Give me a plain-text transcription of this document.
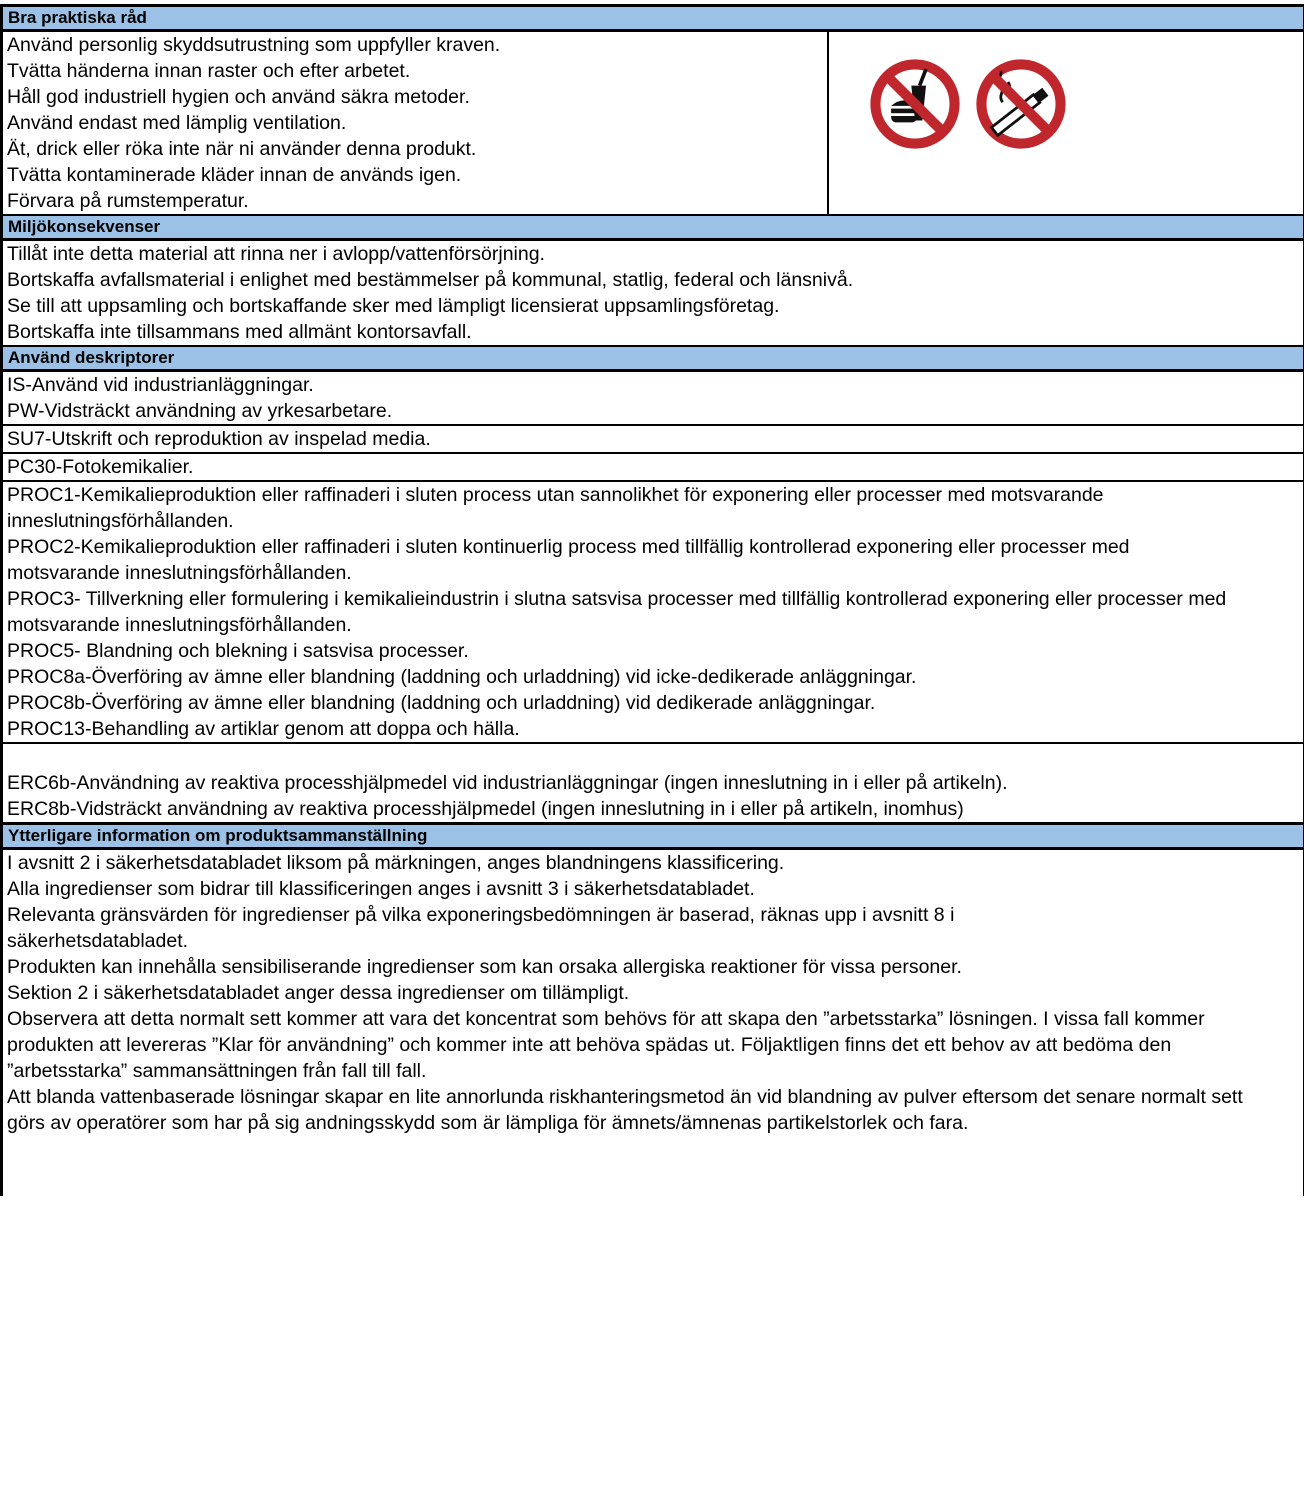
Bra praktiska råd
Använd personlig skyddsutrustning som uppfyller kraven.
Tvätta händerna innan raster och efter arbetet.
Håll god industriell hygien och använd säkra metoder.
Använd endast med lämplig ventilation.
Ät, drick eller röka inte när ni använder denna produkt.
Tvätta kontaminerade kläder innan de används igen.
Förvara på rumstemperatur.
Miljökonsekvenser
Tillåt inte detta material att rinna ner i avlopp/vattenförsörjning.
Bortskaffa avfallsmaterial i enlighet med bestämmelser på kommunal, statlig, federal och länsnivå.
Se till att uppsamling och bortskaffande sker med lämpligt licensierat uppsamlingsföretag.
Bortskaffa inte tillsammans med allmänt kontorsavfall.
Använd deskriptorer
IS-Använd vid industrianläggningar.
PW-Vidsträckt användning av yrkesarbetare.
SU7-Utskrift och reproduktion av inspelad media.
PC30-Fotokemikalier.
PROC1-Kemikalieproduktion eller raffinaderi i sluten process utan sannolikhet för exponering eller processer med motsvarande inneslutningsförhållanden.
PROC2-Kemikalieproduktion eller raffinaderi i sluten kontinuerlig process med tillfällig kontrollerad exponering eller processer med motsvarande inneslutningsförhållanden.
PROC3- Tillverkning eller formulering i kemikalieindustrin i slutna satsvisa processer med tillfällig kontrollerad exponering eller processer med motsvarande inneslutningsförhållanden.
PROC5- Blandning och blekning i satsvisa processer.
PROC8a-Överföring av ämne eller blandning (laddning och urladdning) vid icke-dedikerade anläggningar.
PROC8b-Överföring av ämne eller blandning (laddning och urladdning) vid dedikerade anläggningar.
PROC13-Behandling av artiklar genom att doppa och hälla.
ERC6b-Användning av reaktiva processhjälpmedel vid industrianläggningar (ingen inneslutning in i eller på artikeln).
ERC8b-Vidsträckt användning av reaktiva processhjälpmedel (ingen inneslutning in i eller på artikeln, inomhus)
Ytterligare information om produktsammanställning
I avsnitt 2 i säkerhetsdatabladet liksom på märkningen, anges blandningens klassificering.
Alla ingredienser som bidrar till klassificeringen anges i avsnitt 3 i säkerhetsdatabladet.
Relevanta gränsvärden för ingredienser på vilka exponeringsbedömningen är baserad, räknas upp i avsnitt 8 i säkerhetsdatabladet.
Produkten kan innehålla sensibiliserande ingredienser som kan orsaka allergiska reaktioner för vissa personer.
Sektion 2 i säkerhetsdatabladet anger dessa ingredienser om tillämpligt.
Observera att detta normalt sett kommer att vara det koncentrat som behövs för att skapa den ”arbetsstarka” lösningen. I vissa fall kommer produkten att levereras ”Klar för användning” och kommer inte att behöva spädas ut. Följaktligen finns det ett behov av att bedöma den ”arbetsstarka” sammansättningen från fall till fall.
Att blanda vattenbaserade lösningar skapar en lite annorlunda riskhanteringsmetod än vid blandning av pulver eftersom det senare normalt sett görs av operatörer som har på sig andningsskydd som är lämpliga för ämnets/ämnenas partikelstorlek och fara.
